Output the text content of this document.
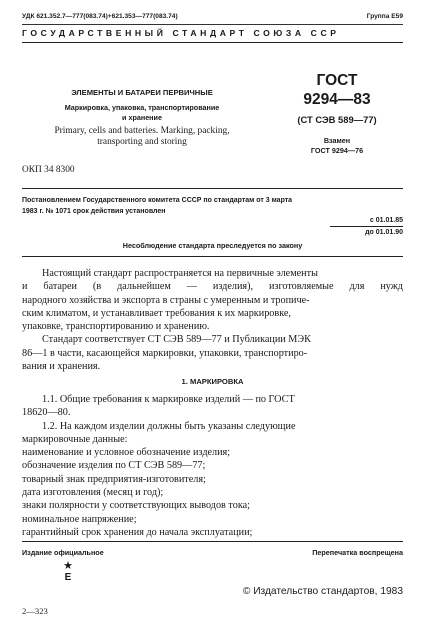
УДК 621.352.7—777(083.74)+621.353—777(083.74)	Группа Е59
ГОСУДАРСТВЕННЫЙ СТАНДАРТ СОЮЗА ССР
ЭЛЕМЕНТЫ И БАТАРЕИ ПЕРВИЧНЫЕ
Маркировка, упаковка, транспортирование
и хранение
Primary, cells and batteries. Marking, packing,
transporting and storing
ОКП 34 8300
ГОСТ
9294—83
(СТ СЭВ 589—77)
Взамен
ГОСТ 9294—76
Постановлением Государственного комитета СССР по стандартам от 3 марта
1983 г. № 1071 срок действия установлен
с 01.01.85
до 01.01.90
Несоблюдение стандарта преследуется по закону
Настоящий стандарт распространяется на первичные элементы
и батареи (в дальнейшем — изделия), изготовляемые для нужд
народного хозяйства и экспорта в страны с умеренным и тропиче-
ским климатом, и устанавливает требования к их маркировке,
упаковке, транспортированию и хранению.
Стандарт соответствует СТ СЭВ 589—77 и Публикации МЭК
86—1 в части, касающейся маркировки, упаковки, транспортиро-
вания и хранения.
1. МАРКИРОВКА
1.1. Общие требования к маркировке изделий — по ГОСТ
18620—80.
1.2. На каждом изделии должны быть указаны следующие
маркировочные данные:
наименование и условное обозначение изделия;
обозначение изделия по СТ СЭВ 589—77;
товарный знак предприятия-изготовителя;
дата изготовления (месяц и год);
знаки полярности у соответствующих выводов тока;
номинальное напряжение;
гарантийный срок хранения до начала эксплуатации;
Издание официальное	Перепечатка воспрещена
★
Е
© Издательство стандартов, 1983
2—323
